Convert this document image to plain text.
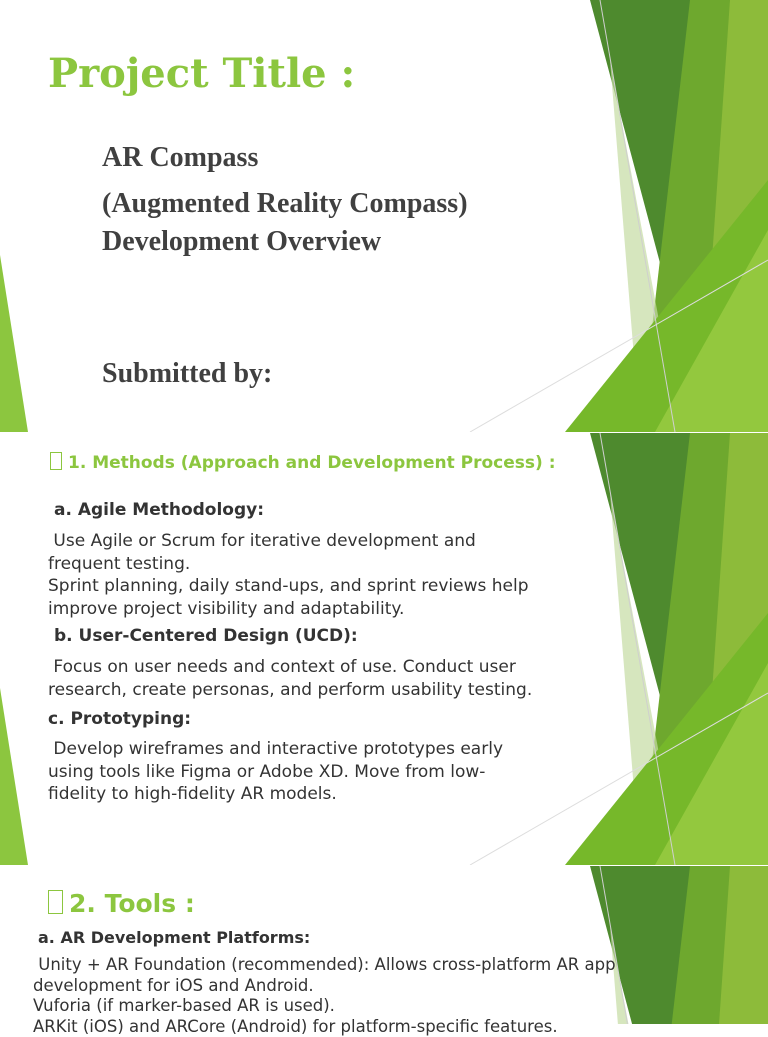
Project Title :
AR Compass
(Augmented Reality Compass)
Development Overview
Submitted by:
1. Methods (Approach and Development Process) :
a. Agile Methodology:
Use Agile or Scrum for iterative development and
frequent testing.
Sprint planning, daily stand-ups, and sprint reviews help
improve project visibility and adaptability.
b. User-Centered Design (UCD):
Focus on user needs and context of use. Conduct user
research, create personas, and perform usability testing.
c. Prototyping:
Develop wireframes and interactive prototypes early
using tools like Figma or Adobe XD. Move from low-
fidelity to high-fidelity AR models.
2. Tools :
a. AR Development Platforms:
Unity + AR Foundation (recommended): Allows cross-platform AR app
development for iOS and Android.
Vuforia (if marker-based AR is used).
ARKit (iOS) and ARCore (Android) for platform-specific features.
